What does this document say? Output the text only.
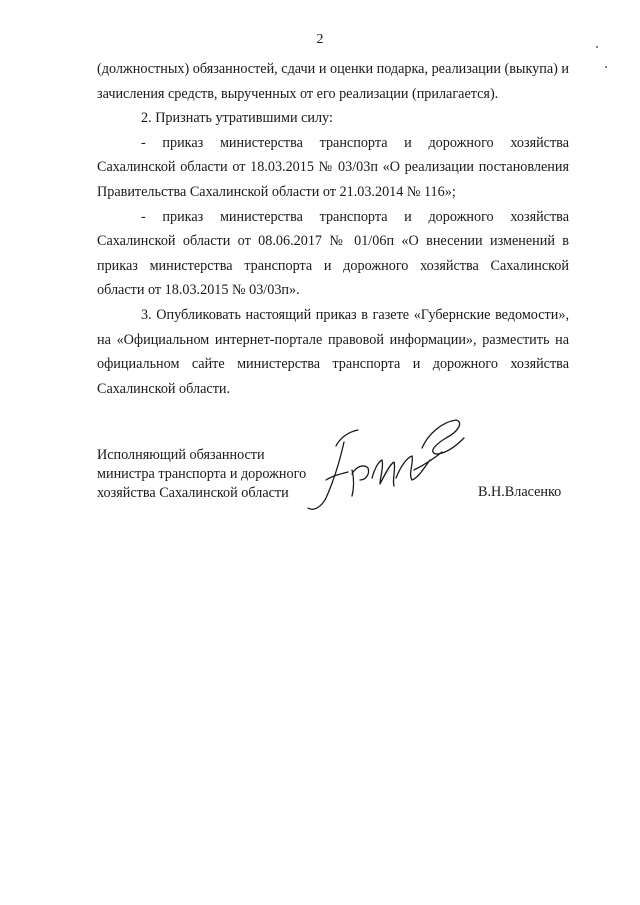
2

(должностных) обязанностей, сдачи и оценки подарка, реализации (выкупа) и

зачисления средств, вырученных от его реализации (прилагается).

2. Признать утратившими силу:

- приказ министерства транспорта и дорожного хозяйства Сахалинской области от 18.03.2015 № 03/03п «О реализации постановления Правительства Сахалинской области от 21.03.2014 № 116»;

- приказ министерства транспорта и дорожного хозяйства Сахалинской области от 08.06.2017 № 01/06п «О внесении изменений в приказ министерства транспорта и дорожного хозяйства Сахалинской области от 18.03.2015 № 03/03п».

3. Опубликовать настоящий приказ в газете «Губернские ведомости», на «Официальном интернет-портале правовой информации», разместить на официальном сайте министерства транспорта и дорожного хозяйства Сахалинской области.

Исполняющий обязанности
министра транспорта и дорожного
хозяйства Сахалинской области	В.Н.Власенко
